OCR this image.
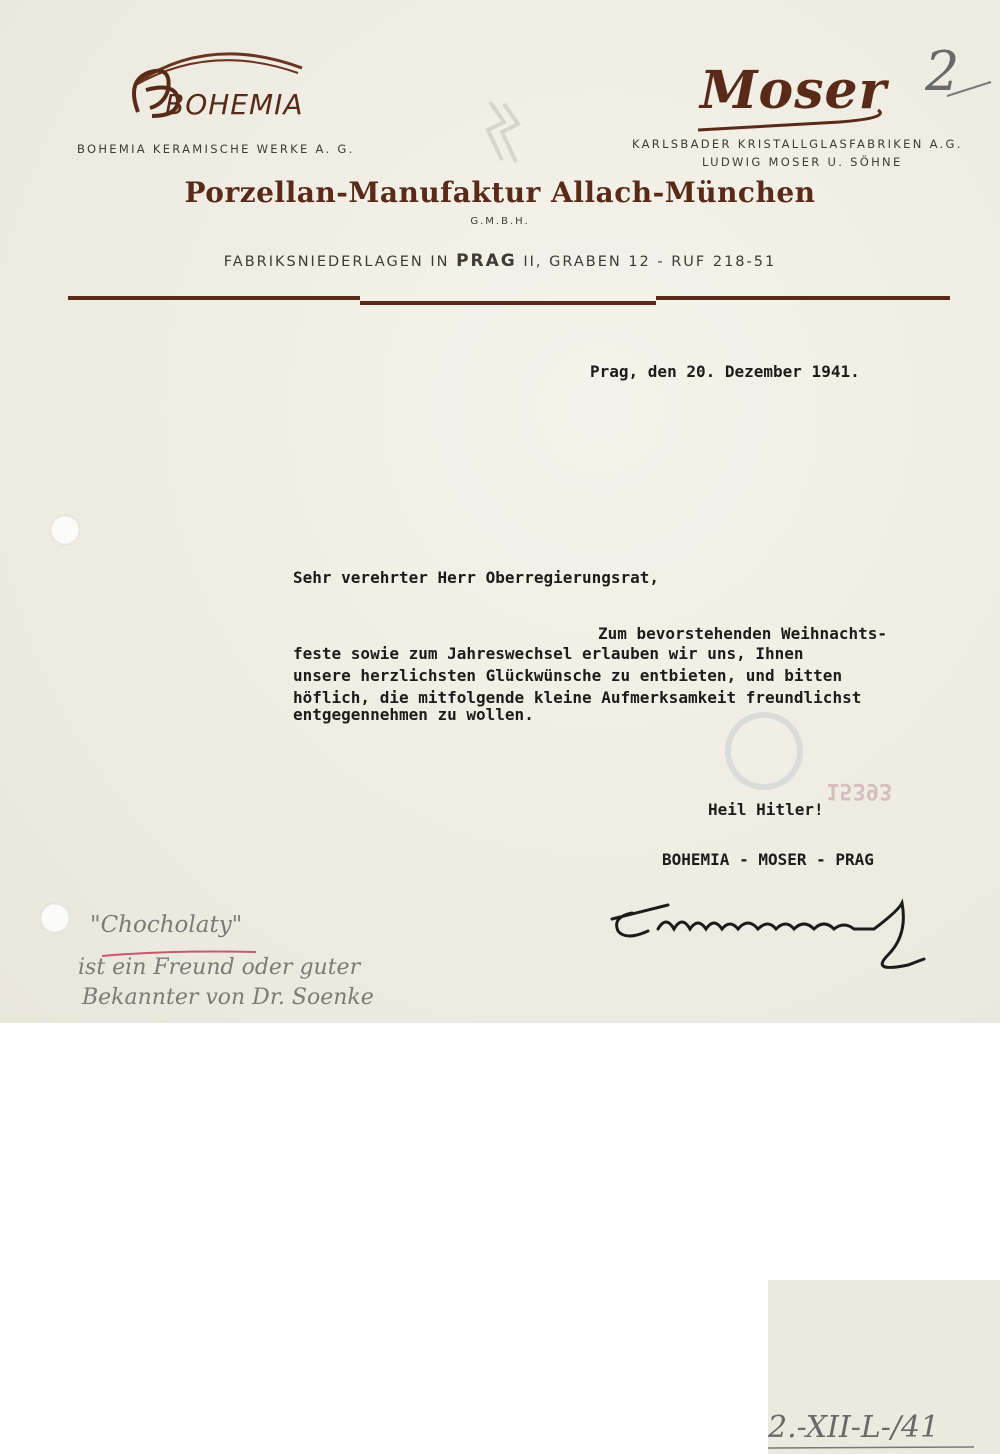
BOHEMIA
BOHEMIA KERAMISCHE WERKE A. G.
Moser
KARLSBADER KRISTALLGLASFABRIKEN A.G.
LUDWIG MOSER U. SÖHNE
2
Porzellan-Manufaktur Allach-München
G.M.B.H.
FABRIKSNIEDERLAGEN IN PRAG II, GRABEN 12 - RUF 218-51
Prag, den 20. Dezember 1941.
Sehr verehrter Herr Oberregierungsrat,
Zum bevorstehenden Weihnachts-
feste sowie zum Jahreswechsel erlauben wir uns, Ihnen
unsere herzlichsten Glückwünsche zu entbieten, und bitten
höflich, die mitfolgende kleine Aufmerksamkeit freundlichst
entgegennehmen zu wollen.
15393
Heil Hitler!
BOHEMIA - MOSER - PRAG
"Chocholaty"
ist ein Freund oder guter
Bekannter von Dr. Soenke
2.-XII-L-/41
